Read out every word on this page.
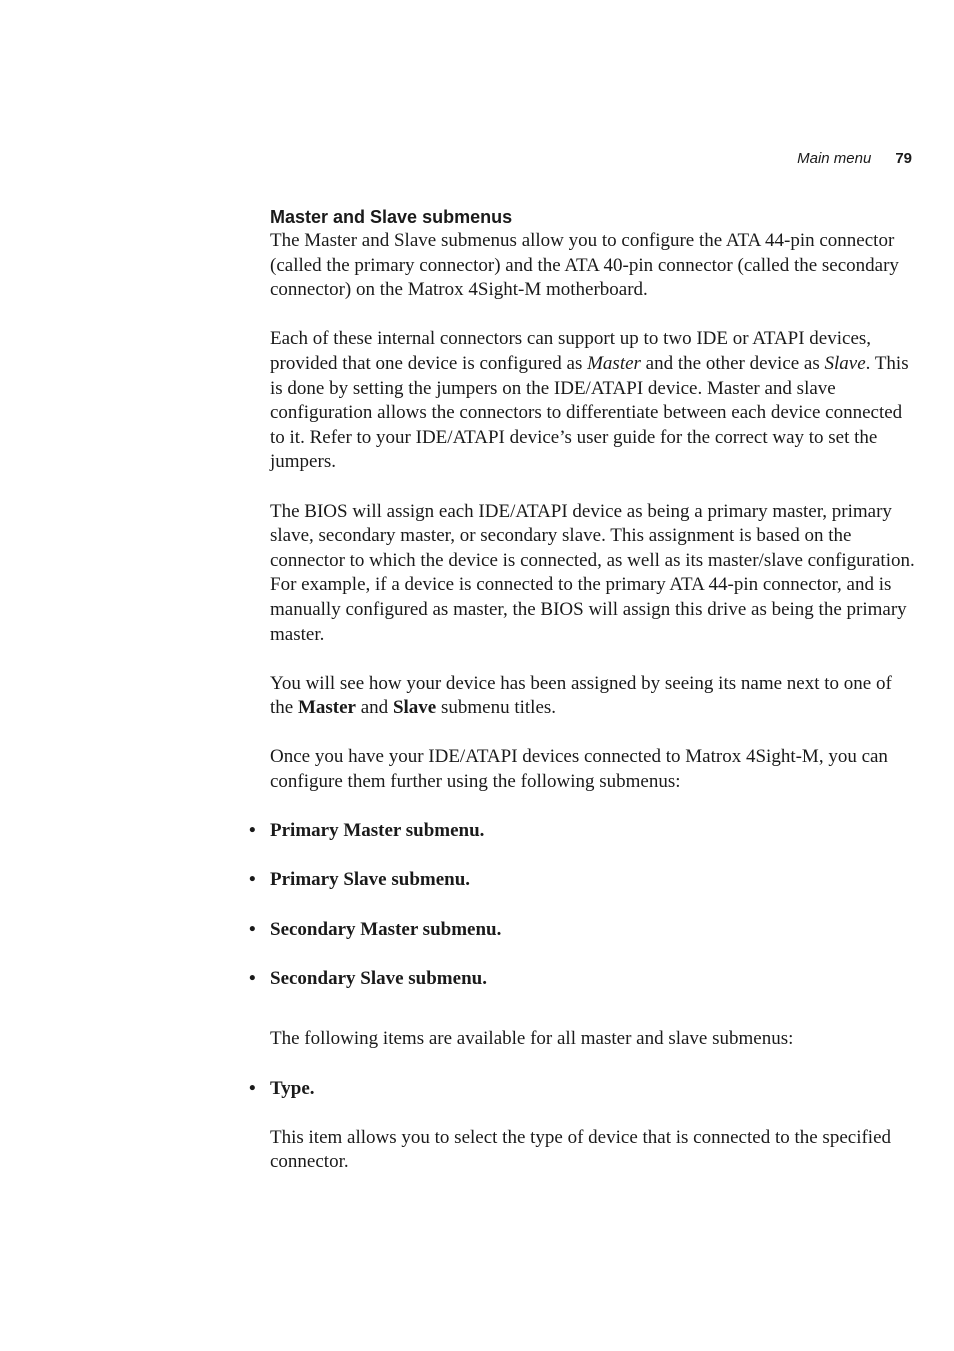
Main menu 79
Master and Slave submenus

The Master and Slave submenus allow you to configure the ATA 44-pin connector (called the primary connector) and the ATA 40-pin connector (called the secondary connector) on the Matrox 4Sight-M motherboard.

Each of these internal connectors can support up to two IDE or ATAPI devices, provided that one device is configured as Master and the other device as Slave. This is done by setting the jumpers on the IDE/ATAPI device. Master and slave configuration allows the connectors to differentiate between each device connected to it. Refer to your IDE/ATAPI device’s user guide for the correct way to set the jumpers.

The BIOS will assign each IDE/ATAPI device as being a primary master, primary slave, secondary master, or secondary slave. This assignment is based on the connector to which the device is connected, as well as its master/slave configuration. For example, if a device is connected to the primary ATA 44-pin connector, and is manually configured as master, the BIOS will assign this drive as being the primary master.

You will see how your device has been assigned by seeing its name next to one of the Master and Slave submenu titles.

Once you have your IDE/ATAPI devices connected to Matrox 4Sight-M, you can configure them further using the following submenus:

• Primary Master submenu.
• Primary Slave submenu.
• Secondary Master submenu.
• Secondary Slave submenu.

The following items are available for all master and slave submenus:

• Type.

This item allows you to select the type of device that is connected to the specified connector.
